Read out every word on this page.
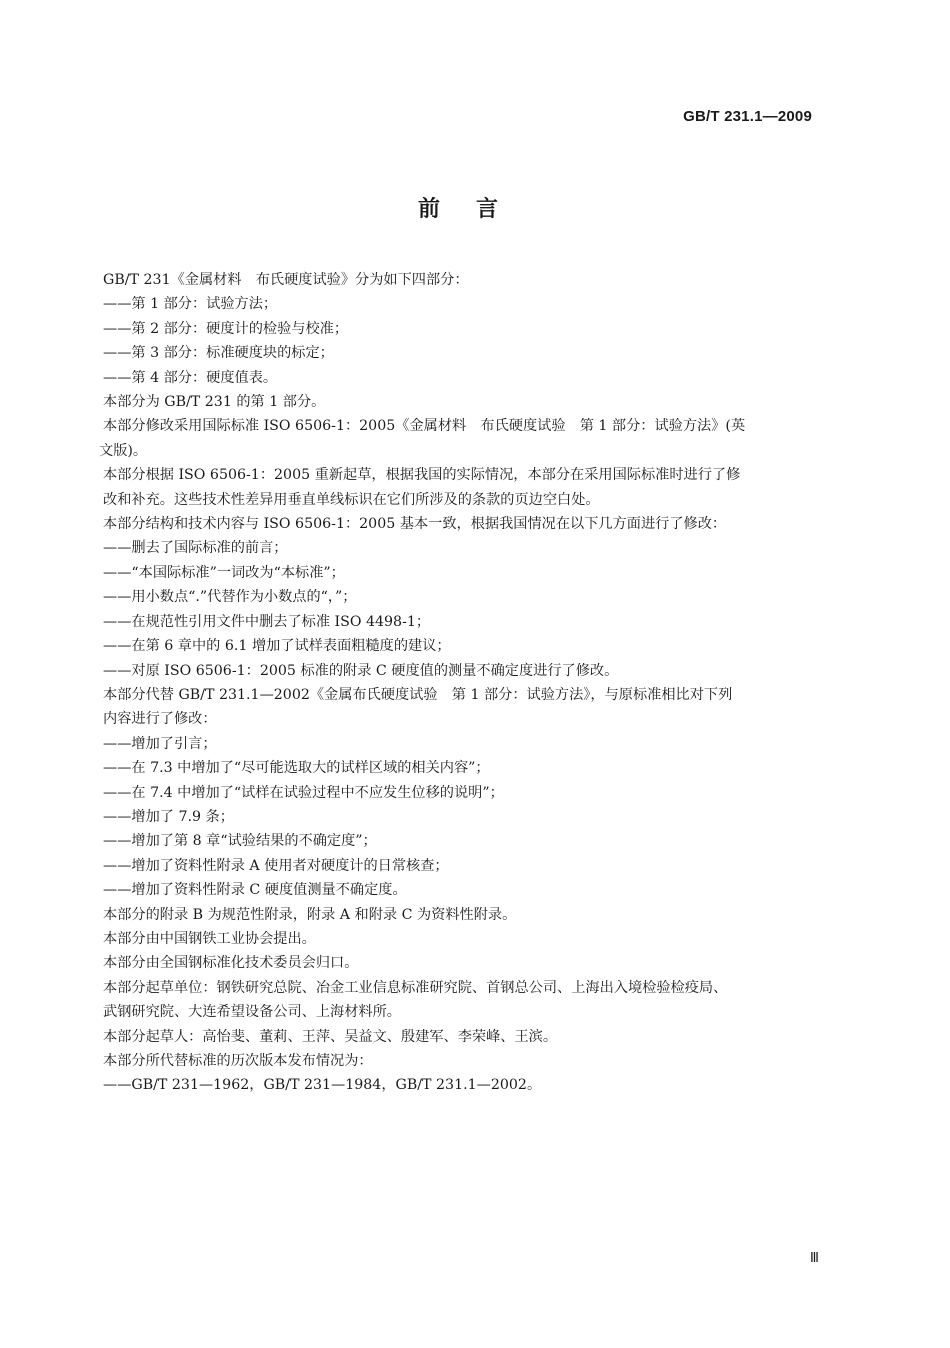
GB/T 231.1—2009
前言

GB/T 231《金属材料　布氏硬度试验》分为如下四部分：

——第 1 部分：试验方法；

——第 2 部分：硬度计的检验与校准；

——第 3 部分：标准硬度块的标定；

——第 4 部分：硬度值表。

本部分为 GB/T 231 的第 1 部分。

本部分修改采用国际标准 ISO 6506-1：2005《金属材料　布氏硬度试验　第 1 部分：试验方法》(英

文版)。

本部分根据 ISO 6506-1：2005 重新起草，根据我国的实际情况，本部分在采用国际标准时进行了修

改和补充。这些技术性差异用垂直单线标识在它们所涉及的条款的页边空白处。

本部分结构和技术内容与 ISO 6506-1：2005 基本一致，根据我国情况在以下几方面进行了修改：

——删去了国际标准的前言；

——“本国际标准”一词改为“本标准”；

——用小数点“.”代替作为小数点的“，”；

——在规范性引用文件中删去了标准 ISO 4498-1；

——在第 6 章中的 6.1 增加了试样表面粗糙度的建议；

——对原 ISO 6506-1：2005 标准的附录 C 硬度值的测量不确定度进行了修改。

本部分代替 GB/T 231.1—2002《金属布氏硬度试验　第 1 部分：试验方法》，与原标准相比对下列

内容进行了修改：

——增加了引言；

——在 7.3 中增加了“尽可能选取大的试样区域的相关内容”；

——在 7.4 中增加了“试样在试验过程中不应发生位移的说明”；

——增加了 7.9 条；

——增加了第 8 章“试验结果的不确定度”；

——增加了资料性附录 A 使用者对硬度计的日常核查；

——增加了资料性附录 C 硬度值测量不确定度。

本部分的附录 B 为规范性附录，附录 A 和附录 C 为资料性附录。

本部分由中国钢铁工业协会提出。

本部分由全国钢标准化技术委员会归口。

本部分起草单位：钢铁研究总院、冶金工业信息标准研究院、首钢总公司、上海出入境检验检疫局、

武钢研究院、大连希望设备公司、上海材料所。

本部分起草人：高怡斐、董莉、王萍、吴益文、殷建军、李荣峰、王滨。

本部分所代替标准的历次版本发布情况为：

——GB/T 231—1962，GB/T 231—1984，GB/T 231.1—2002。

Ⅲ
